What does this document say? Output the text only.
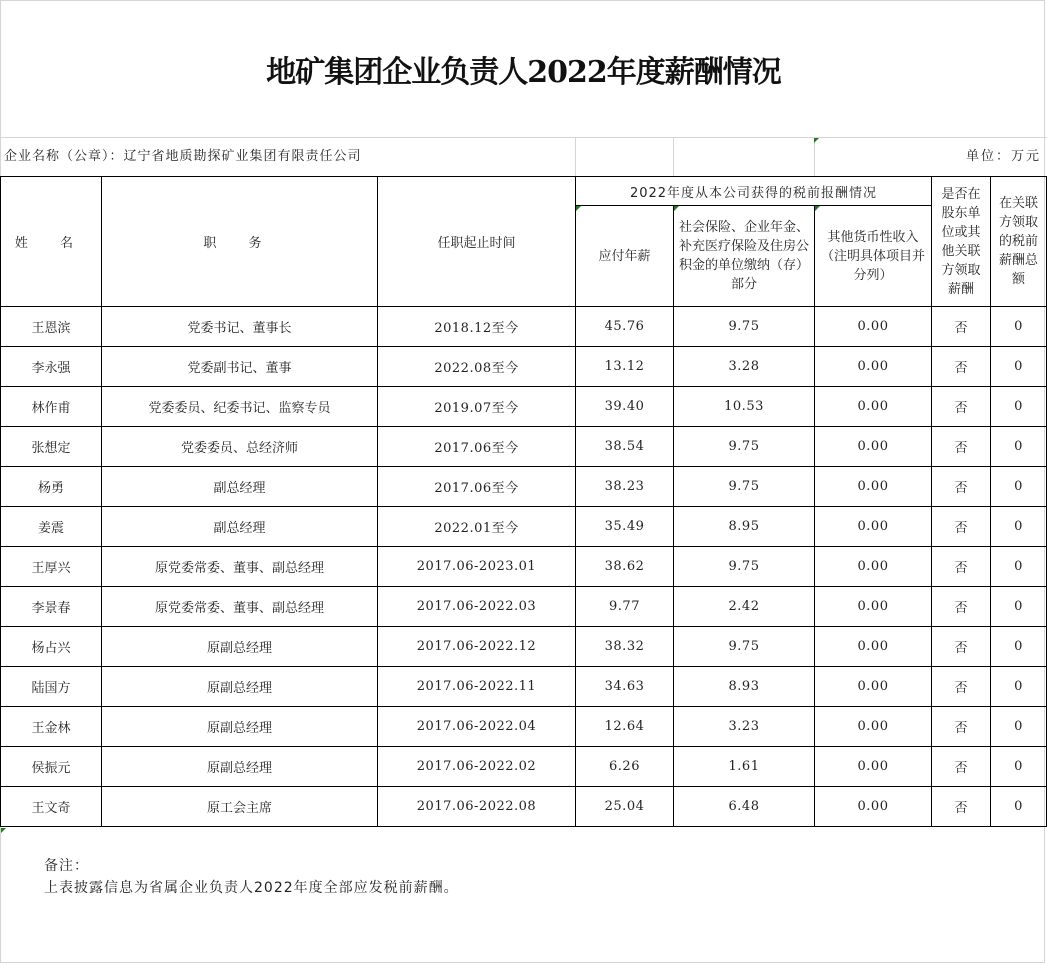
地矿集团企业负责人2022年度薪酬情况
企业名称（公章）：辽宁省地质勘探矿业集团有限责任公司	单位：万元
姓 名	职 务	任职起止时间	2022年度从本公司获得的税前报酬情况			是否在股东单位或其他关联方领取薪酬	在关联方领取的税前薪酬总额

应付年薪	社会保险、企业年金、补充医疗保险及住房公积金的单位缴纳（存）部分	其他货币性收入（注明具体项目并分列）		

王恩滨	党委书记、董事长	2018.12至今	45.76	9.75	0.00	否	0
李永强	党委副书记、董事	2022.08至今	13.12	3.28	0.00	否	0
林作甫	党委委员、纪委书记、监察专员	2019.07至今	39.40	10.53	0.00	否	0
张想定	党委委员、总经济师	2017.06至今	38.54	9.75	0.00	否	0
杨勇	副总经理	2017.06至今	38.23	9.75	0.00	否	0
姜震	副总经理	2022.01至今	35.49	8.95	0.00	否	0
王厚兴	原党委常委、董事、副总经理	2017.06-2023.01	38.62	9.75	0.00	否	0
李景春	原党委常委、董事、副总经理	2017.06-2022.03	9.77	2.42	0.00	否	0
杨占兴	原副总经理	2017.06-2022.12	38.32	9.75	0.00	否	0
陆国方	原副总经理	2017.06-2022.11	34.63	8.93	0.00	否	0
王金林	原副总经理	2017.06-2022.04	12.64	3.23	0.00	否	0
侯振元	原副总经理	2017.06-2022.02	6.26	1.61	0.00	否	0
王文奇	原工会主席	2017.06-2022.08	25.04	6.48	0.00	否	0
备注：
上表披露信息为省属企业负责人2022年度全部应发税前薪酬。
